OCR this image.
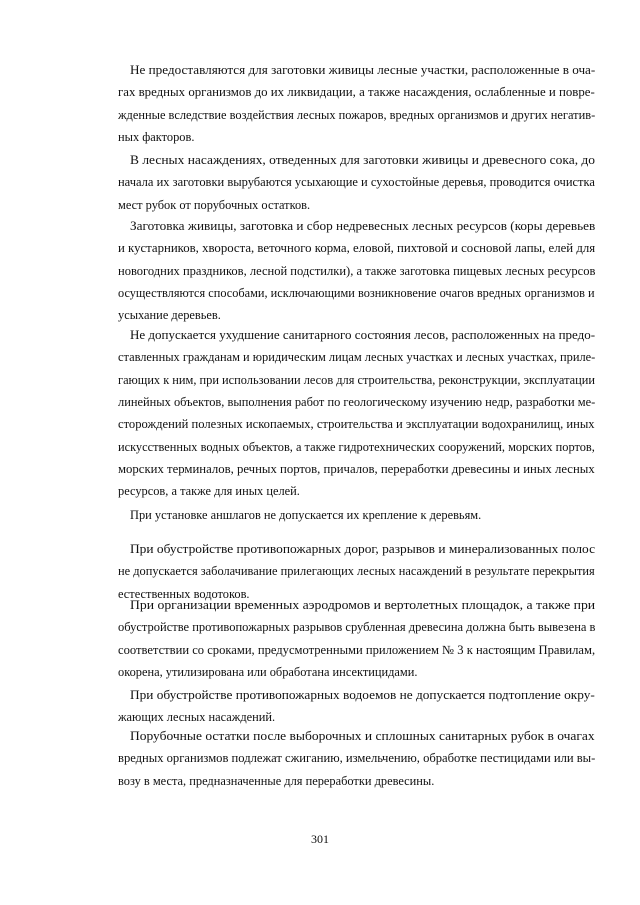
Не предоставляются для заготовки живицы лесные участки, расположенные в оча-
гах вредных организмов до их ликвидации, а также насаждения, ослабленные и повре-
жденные вследствие воздействия лесных пожаров, вредных организмов и других негатив-
ных факторов.
В лесных насаждениях, отведенных для заготовки живицы и древесного сока, до
начала их заготовки вырубаются усыхающие и сухостойные деревья, проводится очистка
мест рубок от порубочных остатков.
Заготовка живицы, заготовка и сбор недревесных лесных ресурсов (коры деревьев
и кустарников, хвороста, веточного корма, еловой, пихтовой и сосновой лапы, елей для
новогодних праздников, лесной подстилки), а также заготовка пищевых лесных ресурсов
осуществляются способами, исключающими возникновение очагов вредных организмов и
усыхание деревьев.
Не допускается ухудшение санитарного состояния лесов, расположенных на предо-
ставленных гражданам и юридическим лицам лесных участках и лесных участках, приле-
гающих к ним, при использовании лесов для строительства, реконструкции, эксплуатации
линейных объектов, выполнения работ по геологическому изучению недр, разработки ме-
сторождений полезных ископаемых, строительства и эксплуатации водохранилищ, иных
искусственных водных объектов, а также гидротехнических сооружений, морских портов,
морских терминалов, речных портов, причалов, переработки древесины и иных лесных
ресурсов, а также для иных целей.
При установке аншлагов не допускается их крепление к деревьям.
При обустройстве противопожарных дорог, разрывов и минерализованных полос
не допускается заболачивание прилегающих лесных насаждений в результате перекрытия
естественных водотоков.
При организации временных аэродромов и вертолетных площадок, а также при
обустройстве противопожарных разрывов срубленная древесина должна быть вывезена в
соответствии со сроками, предусмотренными приложением № 3 к настоящим Правилам,
окорена, утилизирована или обработана инсектицидами.
При обустройстве противопожарных водоемов не допускается подтопление окру-
жающих лесных насаждений.
Порубочные остатки после выборочных и сплошных санитарных рубок в очагах
вредных организмов подлежат сжиганию, измельчению, обработке пестицидами или вы-
возу в места, предназначенные для переработки древесины.
301
